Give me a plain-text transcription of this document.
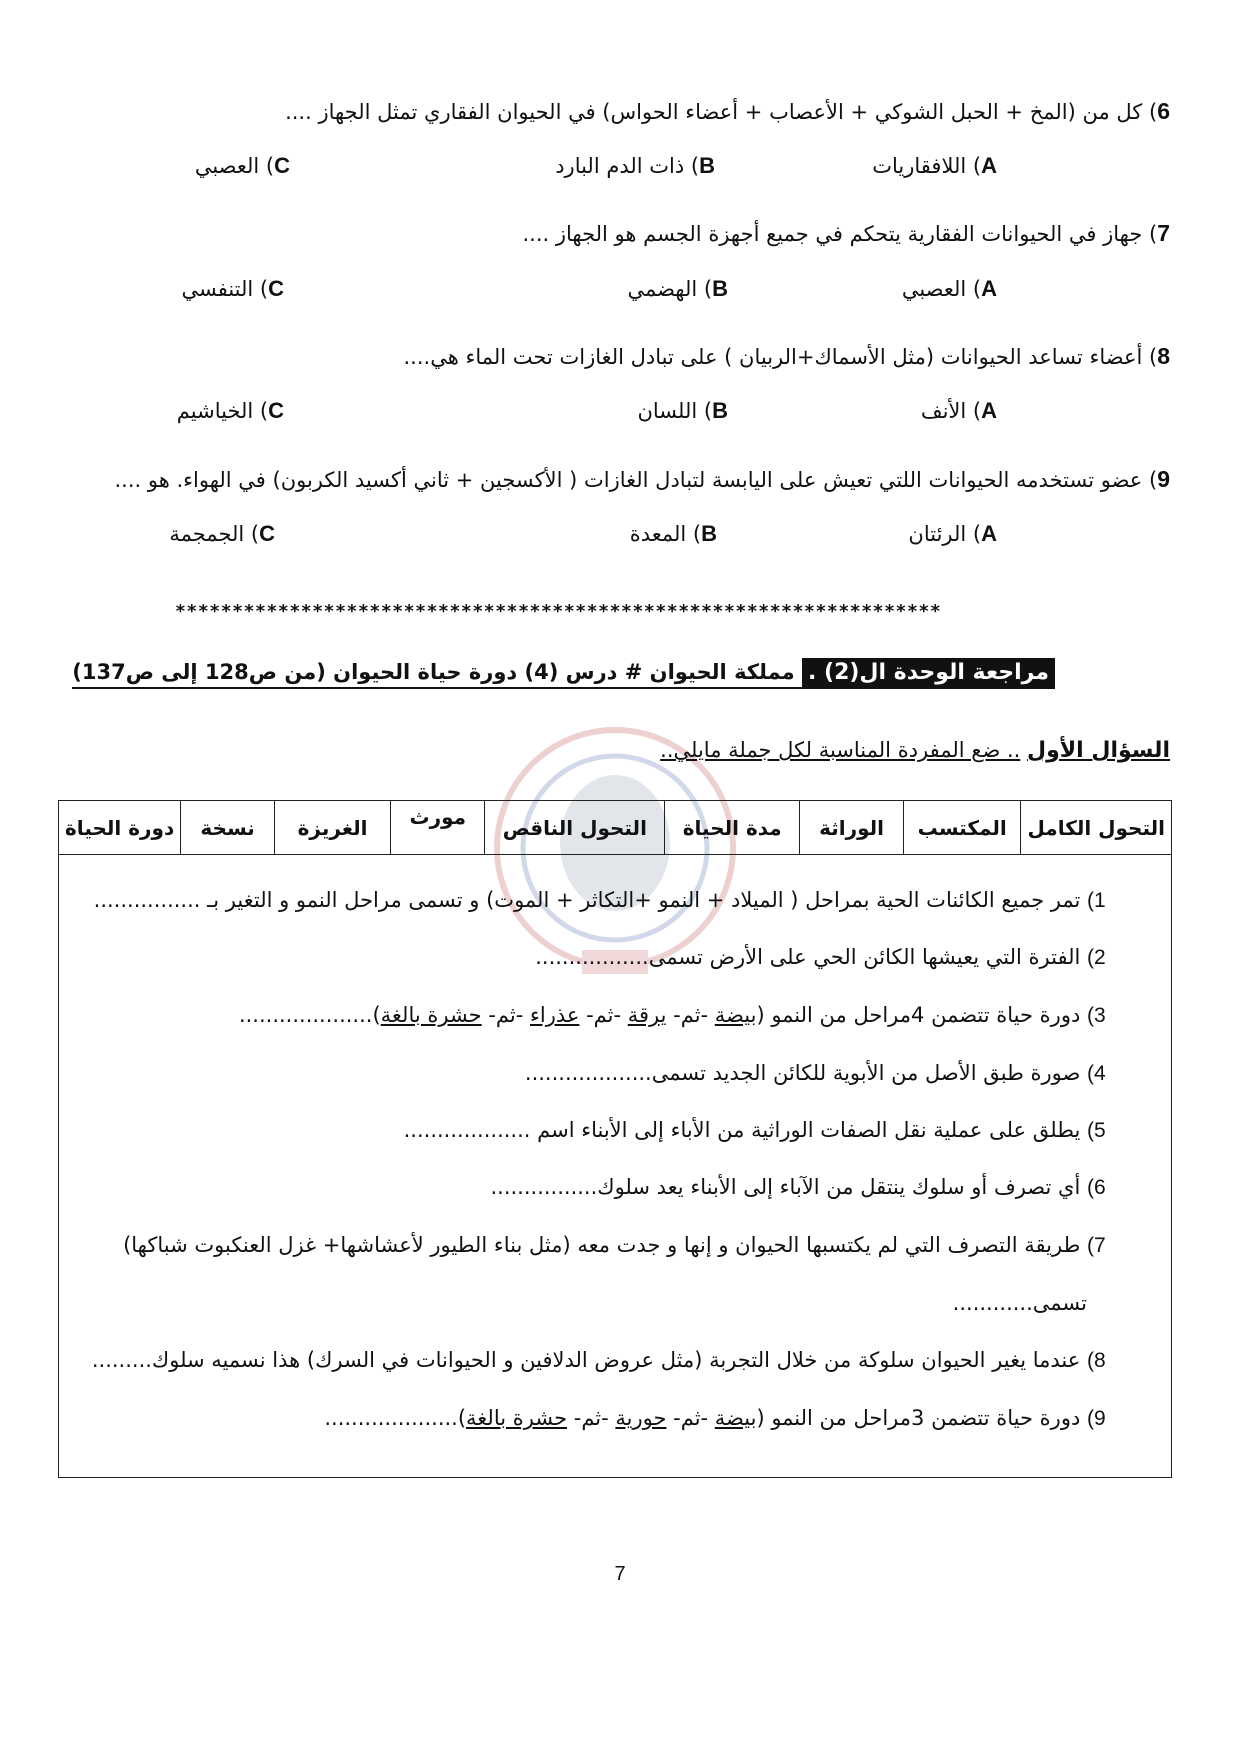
6) كل من (المخ + الحبل الشوكي + الأعصاب + أعضاء الحواس) في الحيوان الفقاري تمثل الجهاز ....
A) اللافقاريات
B) ذات الدم البارد
C) العصبي
7) جهاز في الحيوانات الفقارية يتحكم في جميع أجهزة الجسم هو الجهاز ....
A) العصبي
B) الهضمي
C) التنفسي
8) أعضاء تساعد الحيوانات (مثل الأسماك+الربيان ) على تبادل الغازات تحت الماء هي....
A) الأنف
B) اللسان
C) الخياشيم
9) عضو تستخدمه الحيوانات اللتي تعيش على اليابسة لتبادل الغازات ( الأكسجين + ثاني أكسيد الكربون) في الهواء. هو ....
A) الرئتان
B) المعدة
C) الجمجمة
*******************************************************************
مراجعة الوحدة ال(2) . مملكة الحيوان # درس (4) دورة حياة الحيوان (من ص128 إلى ص137)
السؤال الأول .. ضع المفردة المناسبة لكل جملة مايلي..
التحول الكامل	المكتسب	الوراثة	مدة الحياة	التحول الناقص	مورث	الغريزة	نسخة	دورة الحياة
1) تمر جميع الكائنات الحية بمراحل ( الميلاد + النمو +التكاثر + الموت) و تسمى مراحل النمو و التغير بـ ................
2) الفترة التي يعيشها الكائن الحي على الأرض تسمى.................
3) دورة حياة تتضمن 4مراحل من النمو (بيضة -ثم- يرقة -ثم- عذراء -ثم- حشرة بالغة)....................
4) صورة طبق الأصل من الأبوية للكائن الجديد تسمى...................
5) يطلق على عملية نقل الصفات الوراثية من الأباء إلى الأبناء اسم ...................
6) أي تصرف أو سلوك ينتقل من الآباء إلى الأبناء يعد سلوك................
7) طريقة التصرف التي لم يكتسبها الحيوان و إنها و جدت معه (مثل بناء الطيور لأعشاشها+ غزل العنكبوت شباكها)
تسمى............
8) عندما يغير الحيوان سلوكة من خلال التجربة (مثل عروض الدلافين و الحيوانات في السرك) هذا نسميه سلوك.........
9) دورة حياة تتضمن 3مراحل من النمو (بيضة -ثم- حورية -ثم- حشرة بالغة)....................
7
